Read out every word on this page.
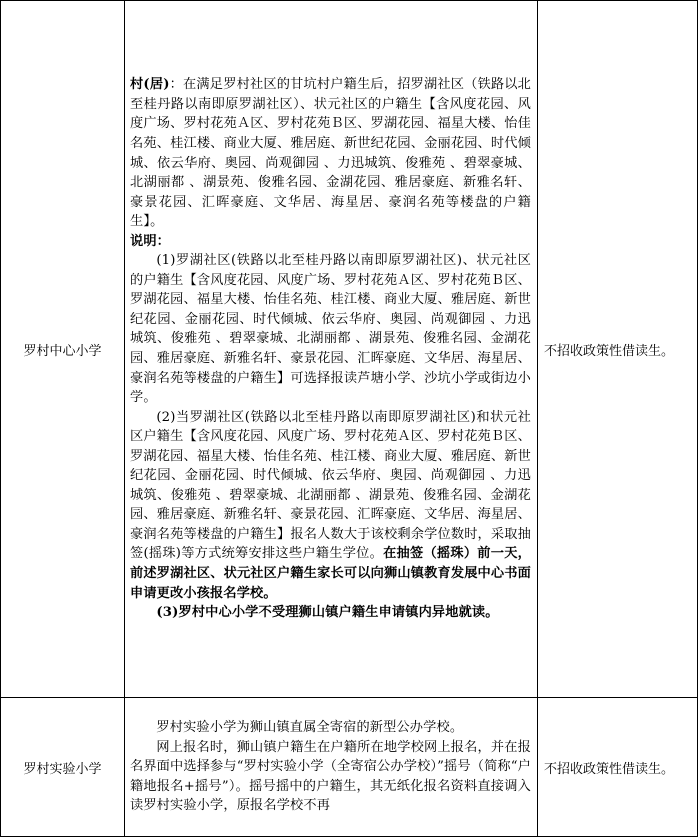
罗村中心小学	村(居)：在满足罗村社区的甘坑村户籍生后，招罗湖社区（铁路以北至桂丹路以南即原罗湖社区）、状元社区的户籍生【含风度花园、风度广场、罗村花苑Ａ区、罗村花苑Ｂ区、罗湖花园、福星大楼、怡佳名苑、桂江楼、商业大厦、雅居庭、新世纪花园、金丽花园、时代倾城、依云华府、奥园、尚观御园 、力迅城筑、俊雅苑 、碧翠豪城、北湖丽都 、湖景苑、俊雅名园、金湖花园、雅居豪庭、新雅名轩、豪景花园、汇晖豪庭、文华居、海星居、豪润名苑等楼盘的户籍生】。

说明：

(1)罗湖社区(铁路以北至桂丹路以南即原罗湖社区)、状元社区的户籍生【含风度花园、风度广场、罗村花苑Ａ区、罗村花苑Ｂ区、罗湖花园、福星大楼、怡佳名苑、桂江楼、商业大厦、雅居庭、新世纪花园、金丽花园、时代倾城、依云华府、奥园、尚观御园 、力迅城筑、俊雅苑 、碧翠豪城、北湖丽都 、湖景苑、俊雅名园、金湖花园、雅居豪庭、新雅名轩、豪景花园、汇晖豪庭、文华居、海星居、豪润名苑等楼盘的户籍生】可选择报读芦塘小学、沙坑小学或街边小学。

(2)当罗湖社区(铁路以北至桂丹路以南即原罗湖社区)和状元社区户籍生【含风度花园、风度广场、罗村花苑Ａ区、罗村花苑Ｂ区、罗湖花园、福星大楼、怡佳名苑、桂江楼、商业大厦、雅居庭、新世纪花园、金丽花园、时代倾城、依云华府、奥园、尚观御园 、力迅城筑、俊雅苑 、碧翠豪城、北湖丽都 、湖景苑、俊雅名园、金湖花园、雅居豪庭、新雅名轩、豪景花园、汇晖豪庭、文华居、海星居、豪润名苑等楼盘的户籍生】报名人数大于该校剩余学位数时，采取抽签(摇珠)等方式统筹安排这些户籍生学位。在抽签（摇珠）前一天，前述罗湖社区、状元社区户籍生家长可以向狮山镇教育发展中心书面申请更改小孩报名学校。

(3)罗村中心小学不受理狮山镇户籍生申请镇内异地就读。	不招收政策性借读生。
罗村实验小学	罗村实验小学为狮山镇直属全寄宿的新型公办学校。

网上报名时，狮山镇户籍生在户籍所在地学校网上报名，并在报名界面中选择参与“罗村实验小学（全寄宿公办学校）”摇号（简称“户籍地报名+摇号”）。摇号摇中的户籍生，其无纸化报名资料直接调入读罗村实验小学，原报名学校不再	不招收政策性借读生。
